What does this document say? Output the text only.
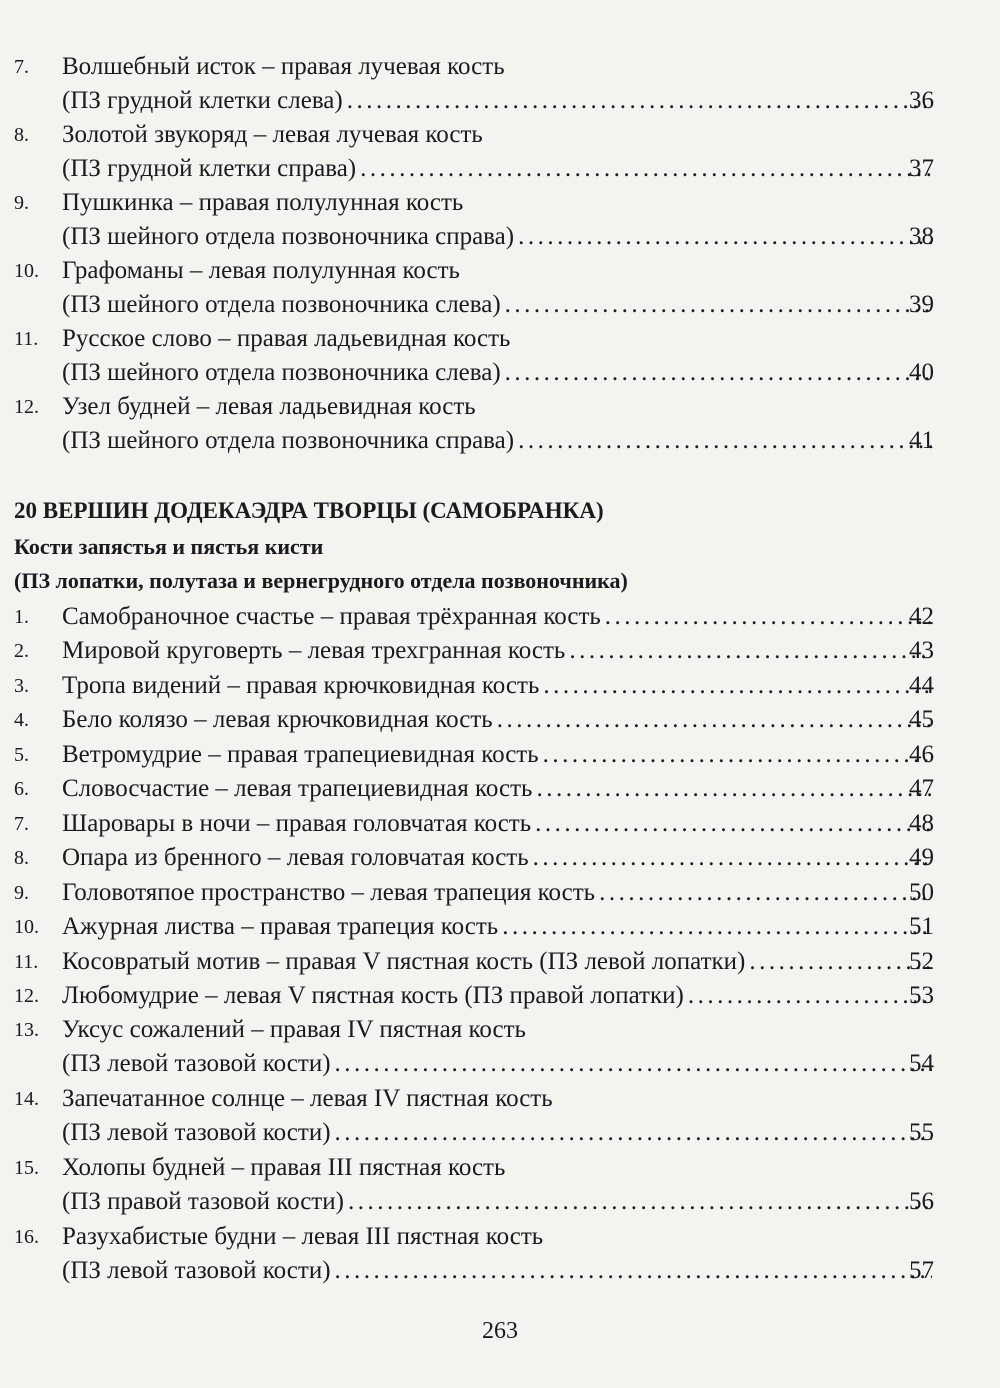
7. Волшебный исток – правая лучевая кость
(ПЗ грудной клетки слева) .....	36
8. Золотой звукоряд – левая лучевая кость
(ПЗ грудной клетки справа) .....	37
9. Пушкинка – правая полулунная кость
(ПЗ шейного отдела позвоночника справа) .....	38
10. Графоманы – левая полулунная кость
(ПЗ шейного отдела позвоночника слева) .....	39
11. Русское слово – правая ладьевидная кость
(ПЗ шейного отдела позвоночника слева) .....	40
12. Узел будней – левая ладьевидная кость
(ПЗ шейного отдела позвоночника справа) .....	41
20 ВЕРШИН ДОДЕКАЭДРА ТВОРЦЫ (САМОБРАНКА)
Кости запястья и пястья кисти
(ПЗ лопатки, полутаза и вернегрудного отдела позвоночника)
1. Самобраночное счастье – правая трёхранная кость .....	42
2. Мировой круговерть – левая трехгранная кость .....	43
3. Тропа видений – правая крючковидная кость .....	44
4. Бело колязо – левая крючковидная кость .....	45
5. Ветромудрие – правая трапециевидная кость .....	46
6. Словосчастие – левая трапециевидная кость .....	47
7. Шаровары в ночи – правая головчатая кость .....	48
8. Опара из бренного – левая головчатая кость .....	49
9. Головотяпое пространство – левая трапеция кость .....	50
10. Ажурная листва – правая трапеция кость .....	51
11. Косовратый мотив – правая V пястная кость (ПЗ левой лопатки) .....	52
12. Любомудрие – левая V пястная кость (ПЗ правой лопатки) .....	53
13. Уксус сожалений – правая IV пястная кость
(ПЗ левой тазовой кости) .....	54
14. Запечатанное солнце – левая IV пястная кость
(ПЗ левой тазовой кости) .....	55
15. Холопы будней – правая III пястная кость
(ПЗ правой тазовой кости) .....	56
16. Разухабистые будни – левая III пястная кость
(ПЗ левой тазовой кости) .....	57
263
